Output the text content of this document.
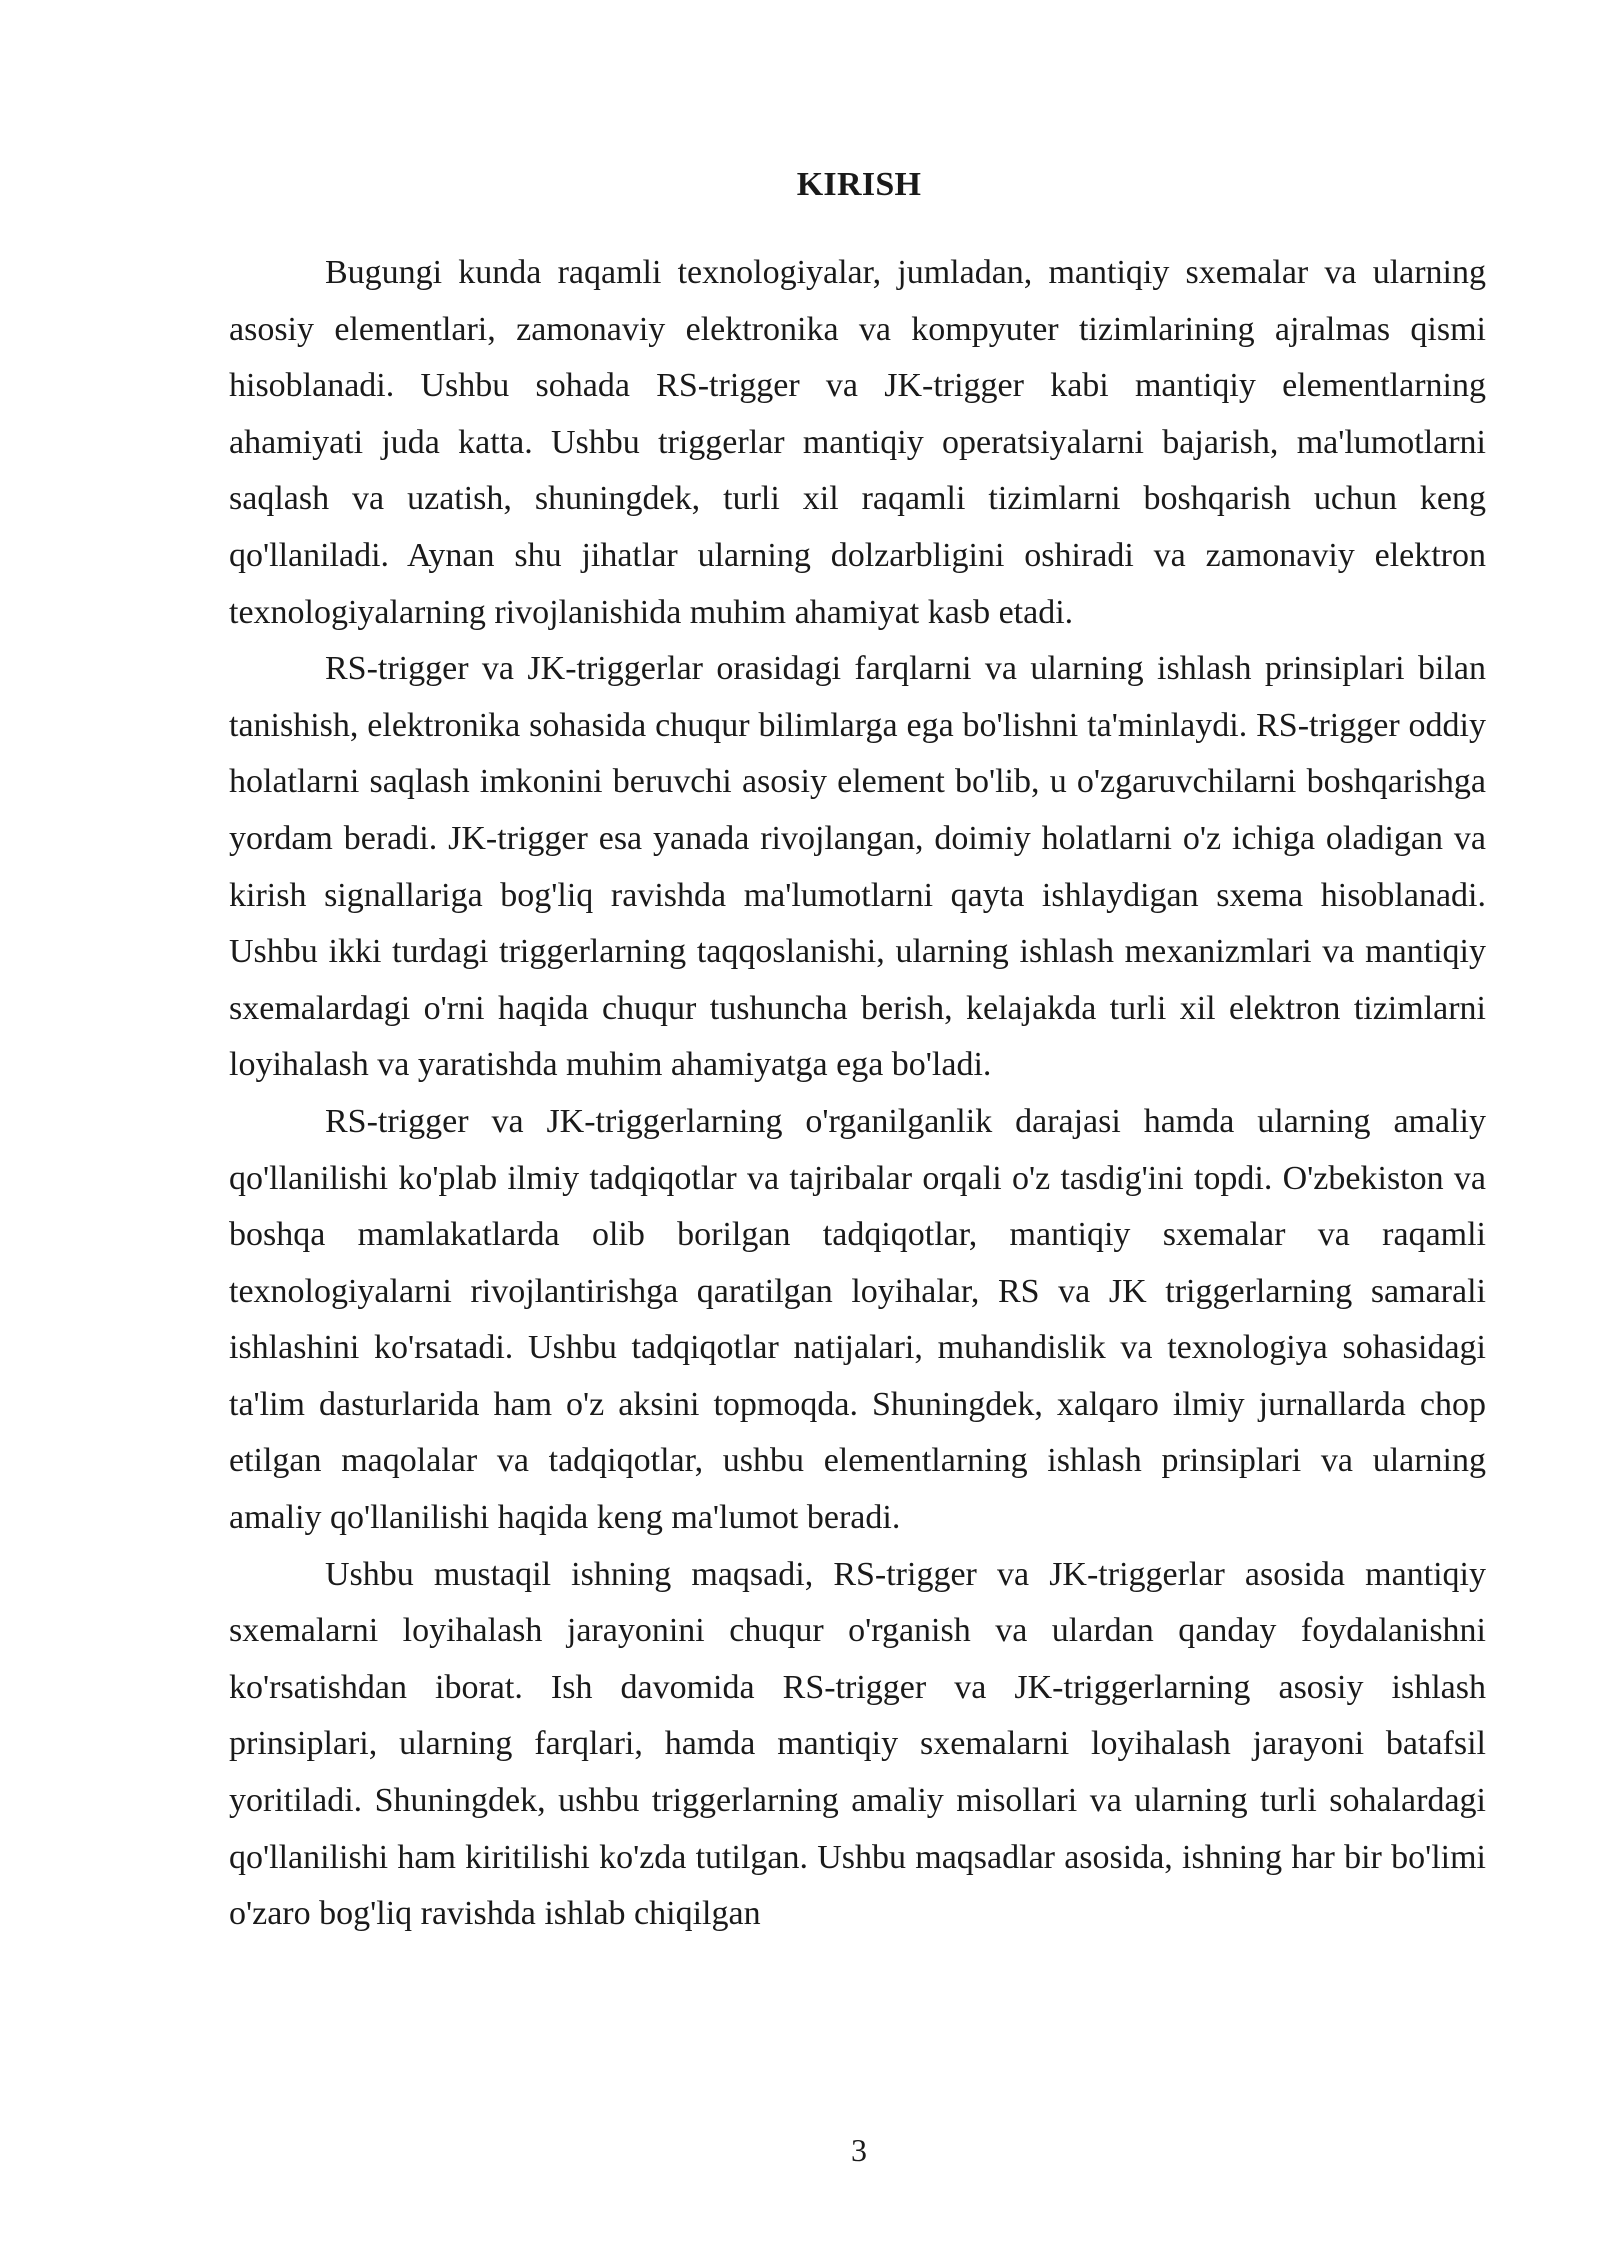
KIRISH

Bugungi kunda raqamli texnologiyalar, jumladan, mantiqiy sxemalar va ularning asosiy elementlari, zamonaviy elektronika va kompyuter tizimlarining ajralmas qismi hisoblanadi. Ushbu sohada RS-trigger va JK-trigger kabi mantiqiy elementlarning ahamiyati juda katta. Ushbu triggerlar mantiqiy operatsiyalarni bajarish, ma'lumotlarni saqlash va uzatish, shuningdek, turli xil raqamli tizimlarni boshqarish uchun keng qo'llaniladi. Aynan shu jihatlar ularning dolzarbligini oshiradi va zamonaviy elektron texnologiyalarning rivojlanishida muhim ahamiyat kasb etadi.

RS-trigger va JK-triggerlar orasidagi farqlarni va ularning ishlash prinsiplari bilan tanishish, elektronika sohasida chuqur bilimlarga ega bo'lishni ta'minlaydi. RS-trigger oddiy holatlarni saqlash imkonini beruvchi asosiy element bo'lib, u o'zgaruvchilarni boshqarishga yordam beradi. JK-trigger esa yanada rivojlangan, doimiy holatlarni o'z ichiga oladigan va kirish signallariga bog'liq ravishda ma'lumotlarni qayta ishlaydigan sxema hisoblanadi. Ushbu ikki turdagi triggerlarning taqqoslanishi, ularning ishlash mexanizmlari va mantiqiy sxemalardagi o'rni haqida chuqur tushuncha berish, kelajakda turli xil elektron tizimlarni loyihalash va yaratishda muhim ahamiyatga ega bo'ladi.

RS-trigger va JK-triggerlarning o'rganilganlik darajasi hamda ularning amaliy qo'llanilishi ko'plab ilmiy tadqiqotlar va tajribalar orqali o'z tasdig'ini topdi. O'zbekiston va boshqa mamlakatlarda olib borilgan tadqiqotlar, mantiqiy sxemalar va raqamli texnologiyalarni rivojlantirishga qaratilgan loyihalar, RS va JK triggerlarning samarali ishlashini ko'rsatadi. Ushbu tadqiqotlar natijalari, muhandislik va texnologiya sohasidagi ta'lim dasturlarida ham o'z aksini topmoqda. Shuningdek, xalqaro ilmiy jurnallarda chop etilgan maqolalar va tadqiqotlar, ushbu elementlarning ishlash prinsiplari va ularning amaliy qo'llanilishi haqida keng ma'lumot beradi.

Ushbu mustaqil ishning maqsadi, RS-trigger va JK-triggerlar asosida mantiqiy sxemalarni loyihalash jarayonini chuqur o'rganish va ulardan qanday foydalanishni ko'rsatishdan iborat. Ish davomida RS-trigger va JK-triggerlarning asosiy ishlash prinsiplari, ularning farqlari, hamda mantiqiy sxemalarni loyihalash jarayoni batafsil yoritiladi. Shuningdek, ushbu triggerlarning amaliy misollari va ularning turli sohalardagi qo'llanilishi ham kiritilishi ko'zda tutilgan. Ushbu maqsadlar asosida, ishning har bir bo'limi o'zaro bog'liq ravishda ishlab chiqilgan

3
